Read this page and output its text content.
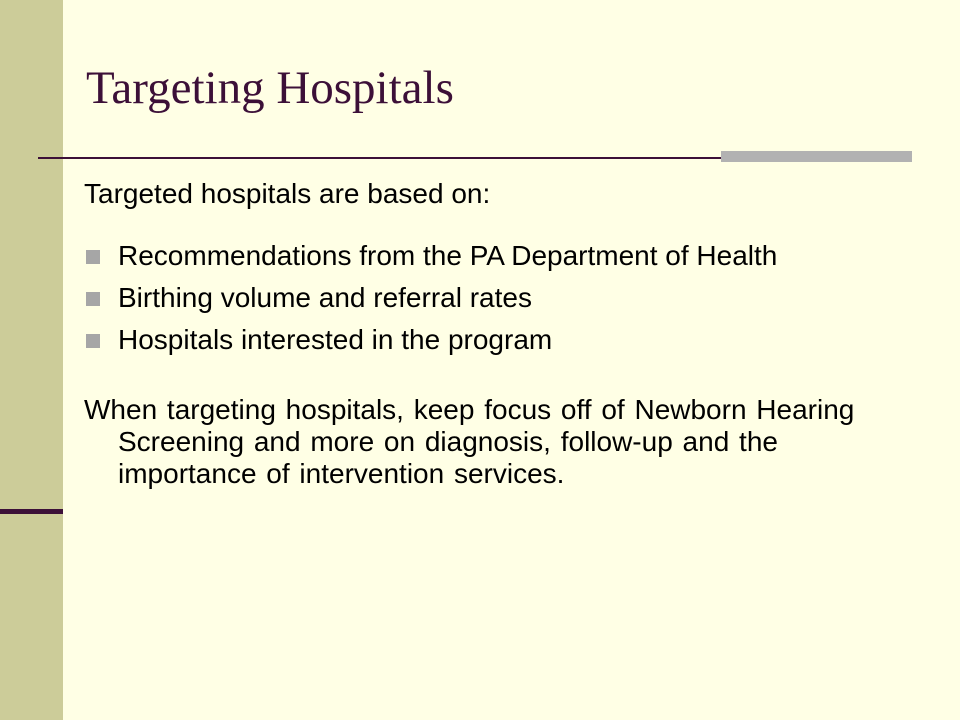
Targeting Hospitals

Targeted hospitals are based on:

Recommendations from the PA Department of Health
Birthing volume and referral rates
Hospitals interested in the program

When targeting hospitals, keep focus off of Newborn Hearing Screening and more on diagnosis, follow-up and the importance of intervention services.
